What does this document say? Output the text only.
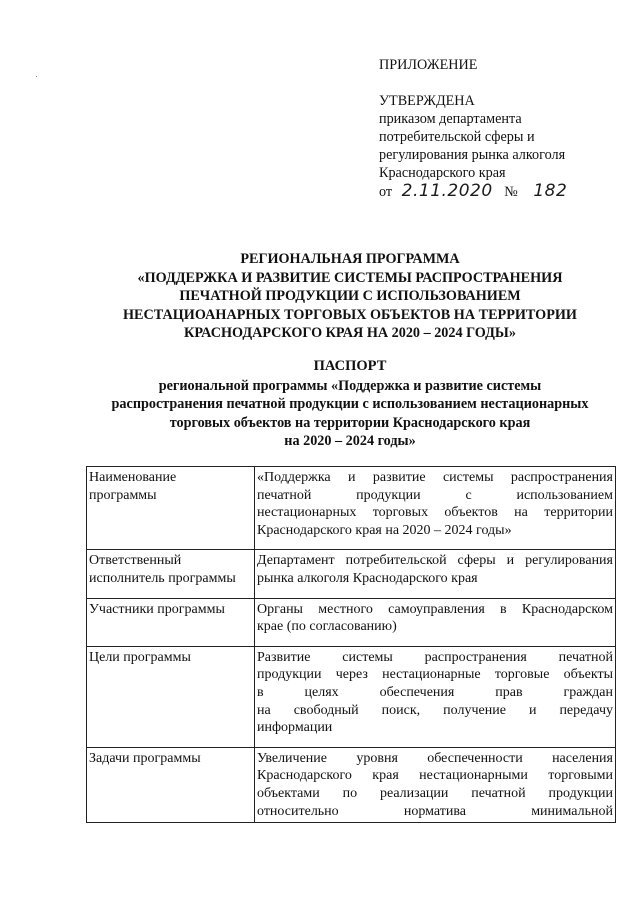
ПРИЛОЖЕНИЕ
УТВЕРЖДЕНА
приказом департамента
потребительской сферы и
регулирования рынка алкоголя
Краснодарского края
от 2.11.2020 № 182
РЕГИОНАЛЬНАЯ ПРОГРАММА
«ПОДДЕРЖКА И РАЗВИТИЕ СИСТЕМЫ РАСПРОСТРАНЕНИЯ
ПЕЧАТНОЙ ПРОДУКЦИИ С ИСПОЛЬЗОВАНИЕМ
НЕСТАЦИОАНАРНЫХ ТОРГОВЫХ ОБЪЕКТОВ НА ТЕРРИТОРИИ
КРАСНОДАРСКОГО КРАЯ НА 2020 – 2024 ГОДЫ»
ПАСПОРТ
региональной программы «Поддержка и развитие системы
распространения печатной продукции с использованием нестационарных
торговых объектов на территории Краснодарского края
на 2020 – 2024 годы»
Наименование
программы	«Поддержка и развитие системы распространения
печатной продукции с использованием
нестационарных торговых объектов на территории
Краснодарского края на 2020 – 2024 годы»

Ответственный
исполнитель программы	Департамент потребительской сферы и регулирования
рынка алкоголя Краснодарского края

Участники программы	Органы местного самоуправления в Краснодарском
крае (по согласованию)

Цели программы	Развитие системы распространения печатной
продукции через нестационарные торговые объекты
в целях обеспечения прав граждан
на свободный поиск, получение и передачу
информации

Задачи программы	Увеличение уровня обеспеченности населения
Краснодарского края нестационарными торговыми
объектами по реализации печатной продукции
относительно норматива минимальной
